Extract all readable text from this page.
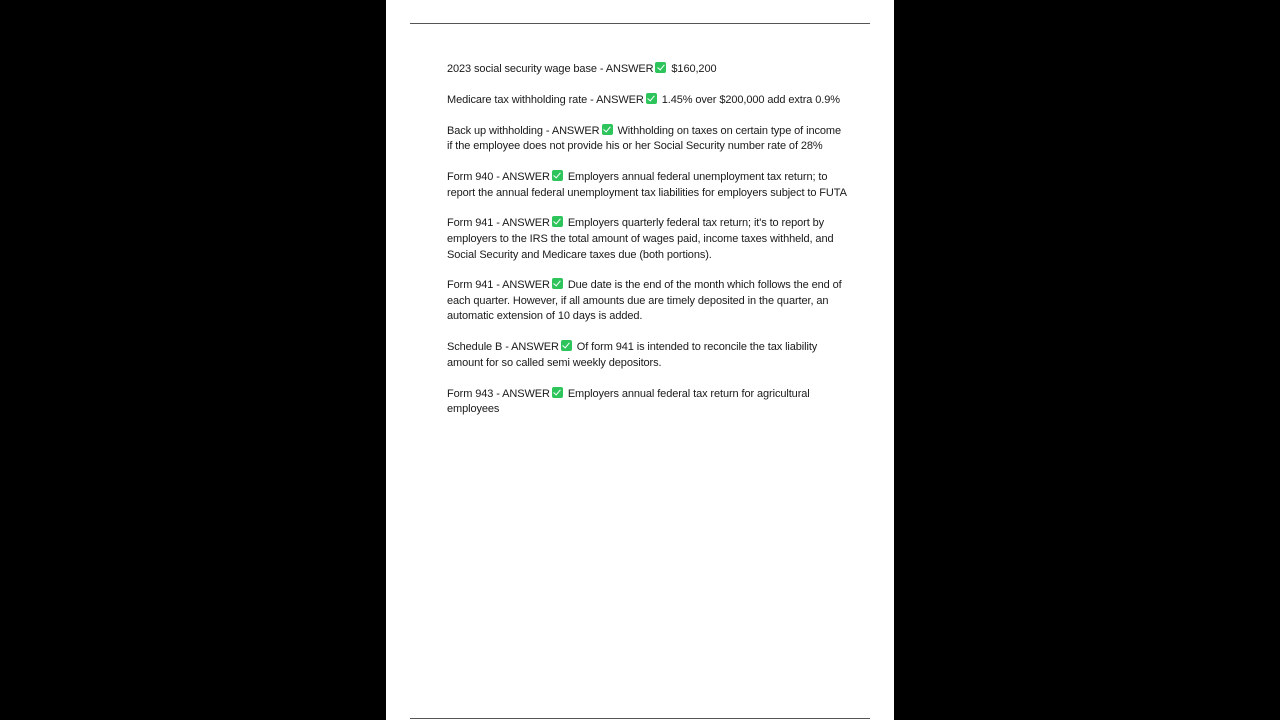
2023 social security wage base - ANSWER $160,200

Medicare tax withholding rate - ANSWER 1.45% over $200,000 add extra 0.9%

Back up withholding - ANSWER Withholding on taxes on certain type of income if the employee does not provide his or her Social Security number rate of 28%

Form 940 - ANSWER Employers annual federal unemployment tax return; to report the annual federal unemployment tax liabilities for employers subject to FUTA

Form 941 - ANSWER Employers quarterly federal tax return; it's to report by employers to the IRS the total amount of wages paid, income taxes withheld, and Social Security and Medicare taxes due (both portions).

Form 941 - ANSWER Due date is the end of the month which follows the end of each quarter. However, if all amounts due are timely deposited in the quarter, an automatic extension of 10 days is added.

Schedule B - ANSWER Of form 941 is intended to reconcile the tax liability amount for so called semi weekly depositors.

Form 943 - ANSWER Employers annual federal tax return for agricultural employees
